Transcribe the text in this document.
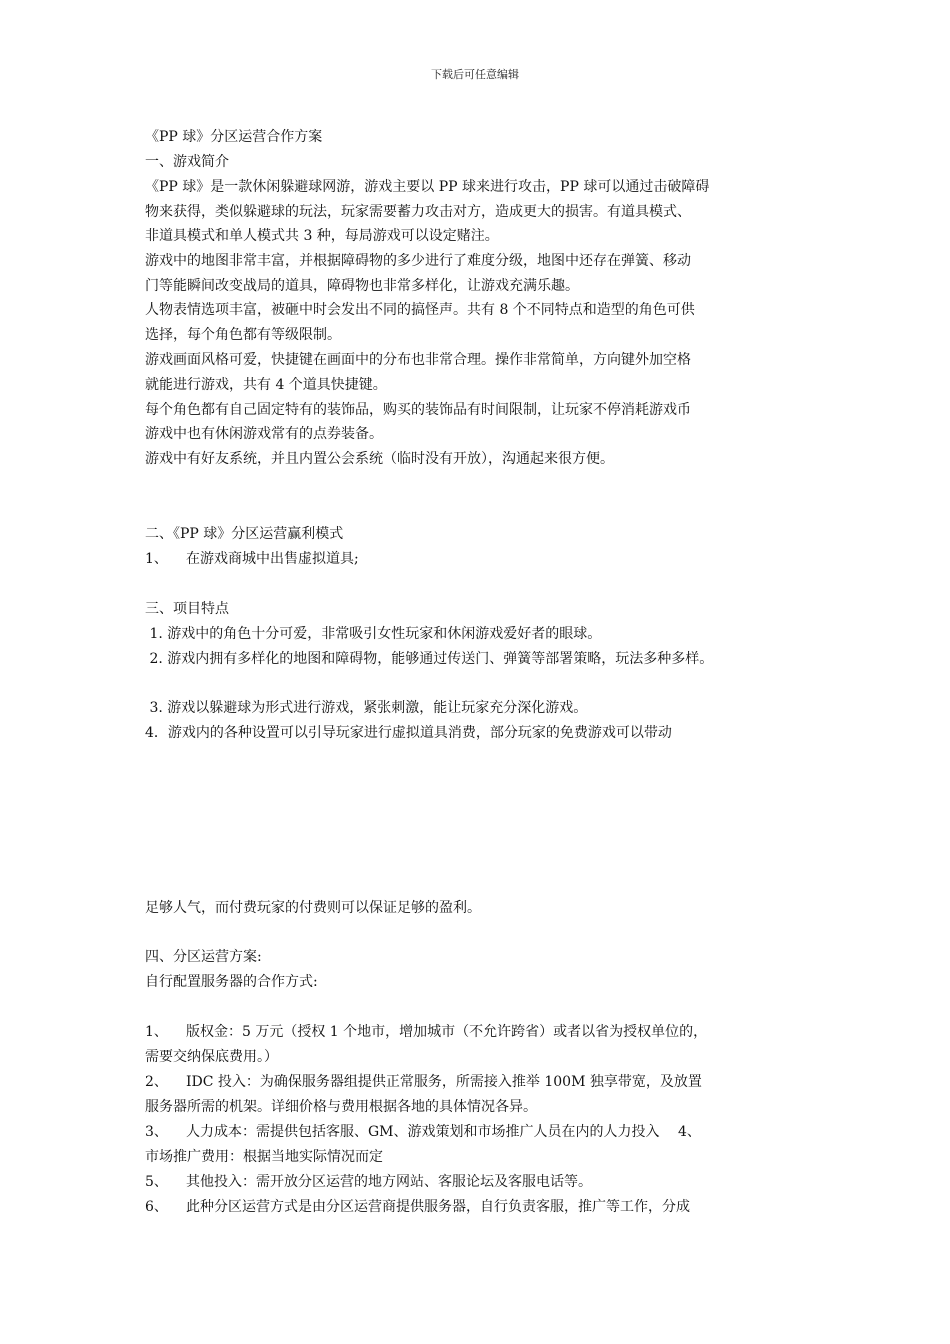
下载后可任意编辑
《PP 球》分区运营合作方案
一、游戏简介
《PP 球》是一款休闲躲避球网游，游戏主要以 PP 球来进行攻击，PP 球可以通过击破障碍
物来获得，类似躲避球的玩法，玩家需要蓄力攻击对方，造成更大的损害。有道具模式、
非道具模式和单人模式共 3 种，每局游戏可以设定赌注。
游戏中的地图非常丰富，并根据障碍物的多少进行了难度分级，地图中还存在弹簧、移动
门等能瞬间改变战局的道具，障碍物也非常多样化，让游戏充满乐趣。
人物表情选项丰富，被砸中时会发出不同的搞怪声。共有 8 个不同特点和造型的角色可供
选择，每个角色都有等级限制。
游戏画面风格可爱，快捷键在画面中的分布也非常合理。操作非常简单，方向键外加空格
就能进行游戏，共有 4 个道具快捷键。
每个角色都有自己固定特有的装饰品，购买的装饰品有时间限制，让玩家不停消耗游戏币
游戏中也有休闲游戏常有的点券装备。
游戏中有好友系统，并且内置公会系统（临时没有开放），沟通起来很方便。
二、《PP 球》分区运营赢利模式
1、 在游戏商城中出售虚拟道具;
三、项目特点
1. 游戏中的角色十分可爱，非常吸引女性玩家和休闲游戏爱好者的眼球。
2. 游戏内拥有多样化的地图和障碍物，能够通过传送门、弹簧等部署策略，玩法多种多样。
3. 游戏以躲避球为形式进行游戏，紧张刺激，能让玩家充分深化游戏。
4．游戏内的各种设置可以引导玩家进行虚拟道具消费，部分玩家的免费游戏可以带动
足够人气，而付费玩家的付费则可以保证足够的盈利。
四、分区运营方案:
自行配置服务器的合作方式:
1、 版权金：5 万元（授权 1 个地市，增加城市（不允许跨省）或者以省为授权单位的，
需要交纳保底费用。）
2、 IDC 投入：为确保服务器组提供正常服务，所需接入推举 100M 独享带宽，及放置
服务器所需的机架。详细价格与费用根据各地的具体情况各异。
3、 人力成本：需提供包括客服、GM、游戏策划和市场推广人员在内的人力投入　 4、
市场推广费用：根据当地实际情况而定
5、 其他投入：需开放分区运营的地方网站、客服论坛及客服电话等。
6、 此种分区运营方式是由分区运营商提供服务器，自行负责客服，推广等工作，分成
